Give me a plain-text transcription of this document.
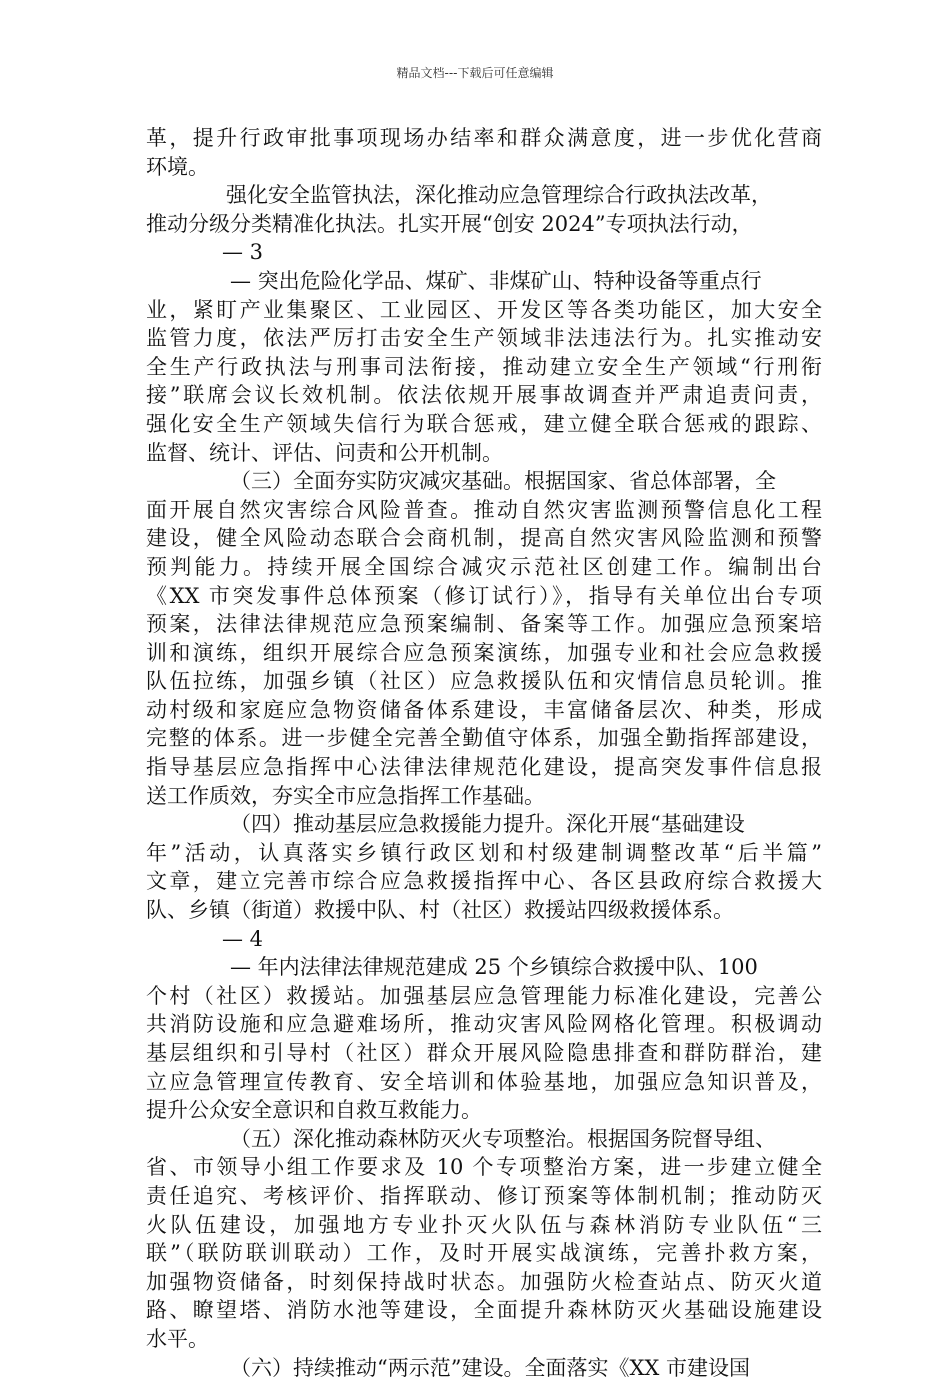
精品文档---下载后可任意编辑
革，提升行政审批事项现场办结率和群众满意度，进一步优化营商
环境。
强化安全监管执法，深化推动应急管理综合行政执法改革，
推动分级分类精准化执法。扎实开展“创安 2024”专项执法行动，
— 3
— 突出危险化学品、煤矿、非煤矿山、特种设备等重点行
业，紧盯产业集聚区、工业园区、开发区等各类功能区，加大安全
监管力度，依法严厉打击安全生产领域非法违法行为。扎实推动安
全生产行政执法与刑事司法衔接，推动建立安全生产领域“行刑衔
接”联席会议长效机制。依法依规开展事故调查并严肃追责问责，
强化安全生产领域失信行为联合惩戒，建立健全联合惩戒的跟踪、
监督、统计、评估、问责和公开机制。
（三）全面夯实防灾减灾基础。根据国家、省总体部署，全
面开展自然灾害综合风险普查。推动自然灾害监测预警信息化工程
建设，健全风险动态联合会商机制，提高自然灾害风险监测和预警
预判能力。持续开展全国综合减灾示范社区创建工作。编制出台
《XX 市突发事件总体预案（修订试行）》，指导有关单位出台专项
预案，法律法律规范应急预案编制、备案等工作。加强应急预案培
训和演练，组织开展综合应急预案演练，加强专业和社会应急救援
队伍拉练，加强乡镇（社区）应急救援队伍和灾情信息员轮训。推
动村级和家庭应急物资储备体系建设，丰富储备层次、种类，形成
完整的体系。进一步健全完善全勤值守体系，加强全勤指挥部建设，
指导基层应急指挥中心法律法律规范化建设，提高突发事件信息报
送工作质效，夯实全市应急指挥工作基础。
（四）推动基层应急救援能力提升。深化开展“基础建设
年”活动，认真落实乡镇行政区划和村级建制调整改革“后半篇”
文章，建立完善市综合应急救援指挥中心、各区县政府综合救援大
队、乡镇（街道）救援中队、村（社区）救援站四级救援体系。
— 4
— 年内法律法律规范建成 25 个乡镇综合救援中队、100
个村（社区）救援站。加强基层应急管理能力标准化建设，完善公
共消防设施和应急避难场所，推动灾害风险网格化管理。积极调动
基层组织和引导村（社区）群众开展风险隐患排查和群防群治，建
立应急管理宣传教育、安全培训和体验基地，加强应急知识普及，
提升公众安全意识和自救互救能力。
（五）深化推动森林防灭火专项整治。根据国务院督导组、
省、市领导小组工作要求及 10 个专项整治方案，进一步建立健全
责任追究、考核评价、指挥联动、修订预案等体制机制；推动防灭
火队伍建设，加强地方专业扑灭火队伍与森林消防专业队伍“三
联”（联防联训联动）工作，及时开展实战演练，完善扑救方案，
加强物资储备，时刻保持战时状态。加强防火检查站点、防灭火道
路、瞭望塔、消防水池等建设，全面提升森林防灭火基础设施建设
水平。
（六）持续推动“两示范”建设。全面落实《XX 市建设国
